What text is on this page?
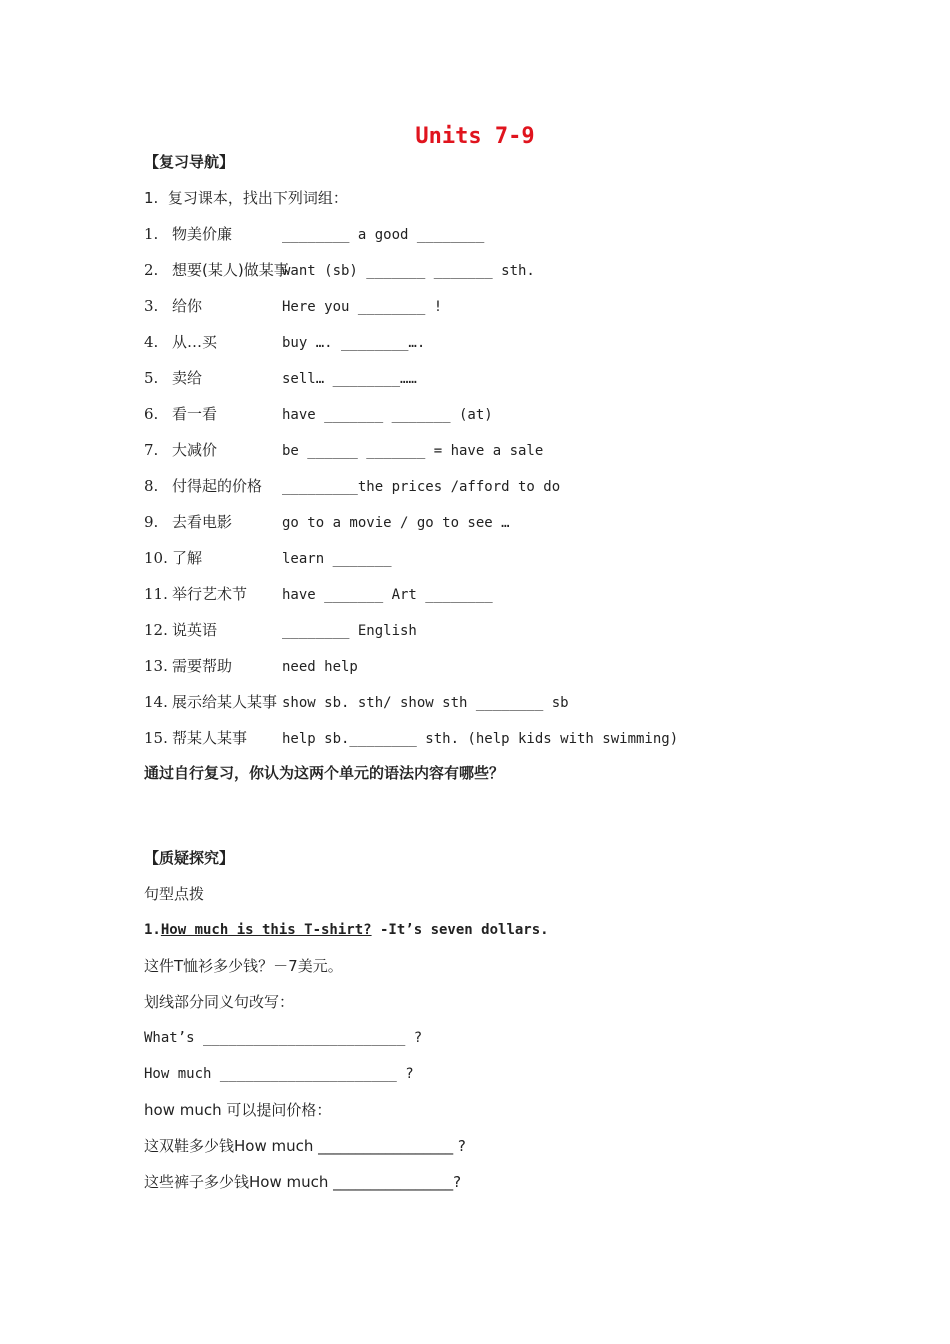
Units 7-9
【复习导航】
1.  复习课本，找出下列词组：
1. 物美价廉	________ a good ________
2. 想要(某人)做某事want (sb) _______ _______ sth.
3. 给你	Here you ________ !
4. 从…买	buy …. ________….
5. 卖给	sell… ________……
6. 看一看	have _______ _______ (at)
7. 大减价	be ______ _______ = have a sale
8. 付得起的价格 _________the prices /afford to do
9. 去看电影	go to a movie / go to see …
10. 了解	learn _______
11. 举行艺术节 have _______ Art ________
12. 说英语	________ English
13. 需要帮助	need help
14. 展示给某人某事 show sb. sth/ show sth ________ sb
15. 帮某人某事 help sb.________ sth. (help kids with swimming)
通过自行复习，你认为这两个单元的语法内容有哪些？
【质疑探究】
句型点拨
1.How much is this T-shirt? -It’s seven dollars.
这件T恤衫多少钱？－7美元。
划线部分同义句改写：
What’s ________________________ ?
How much _____________________ ?
how much 可以提问价格：
这双鞋多少钱How much __________________ ?
这些裤子多少钱How much ________________?
